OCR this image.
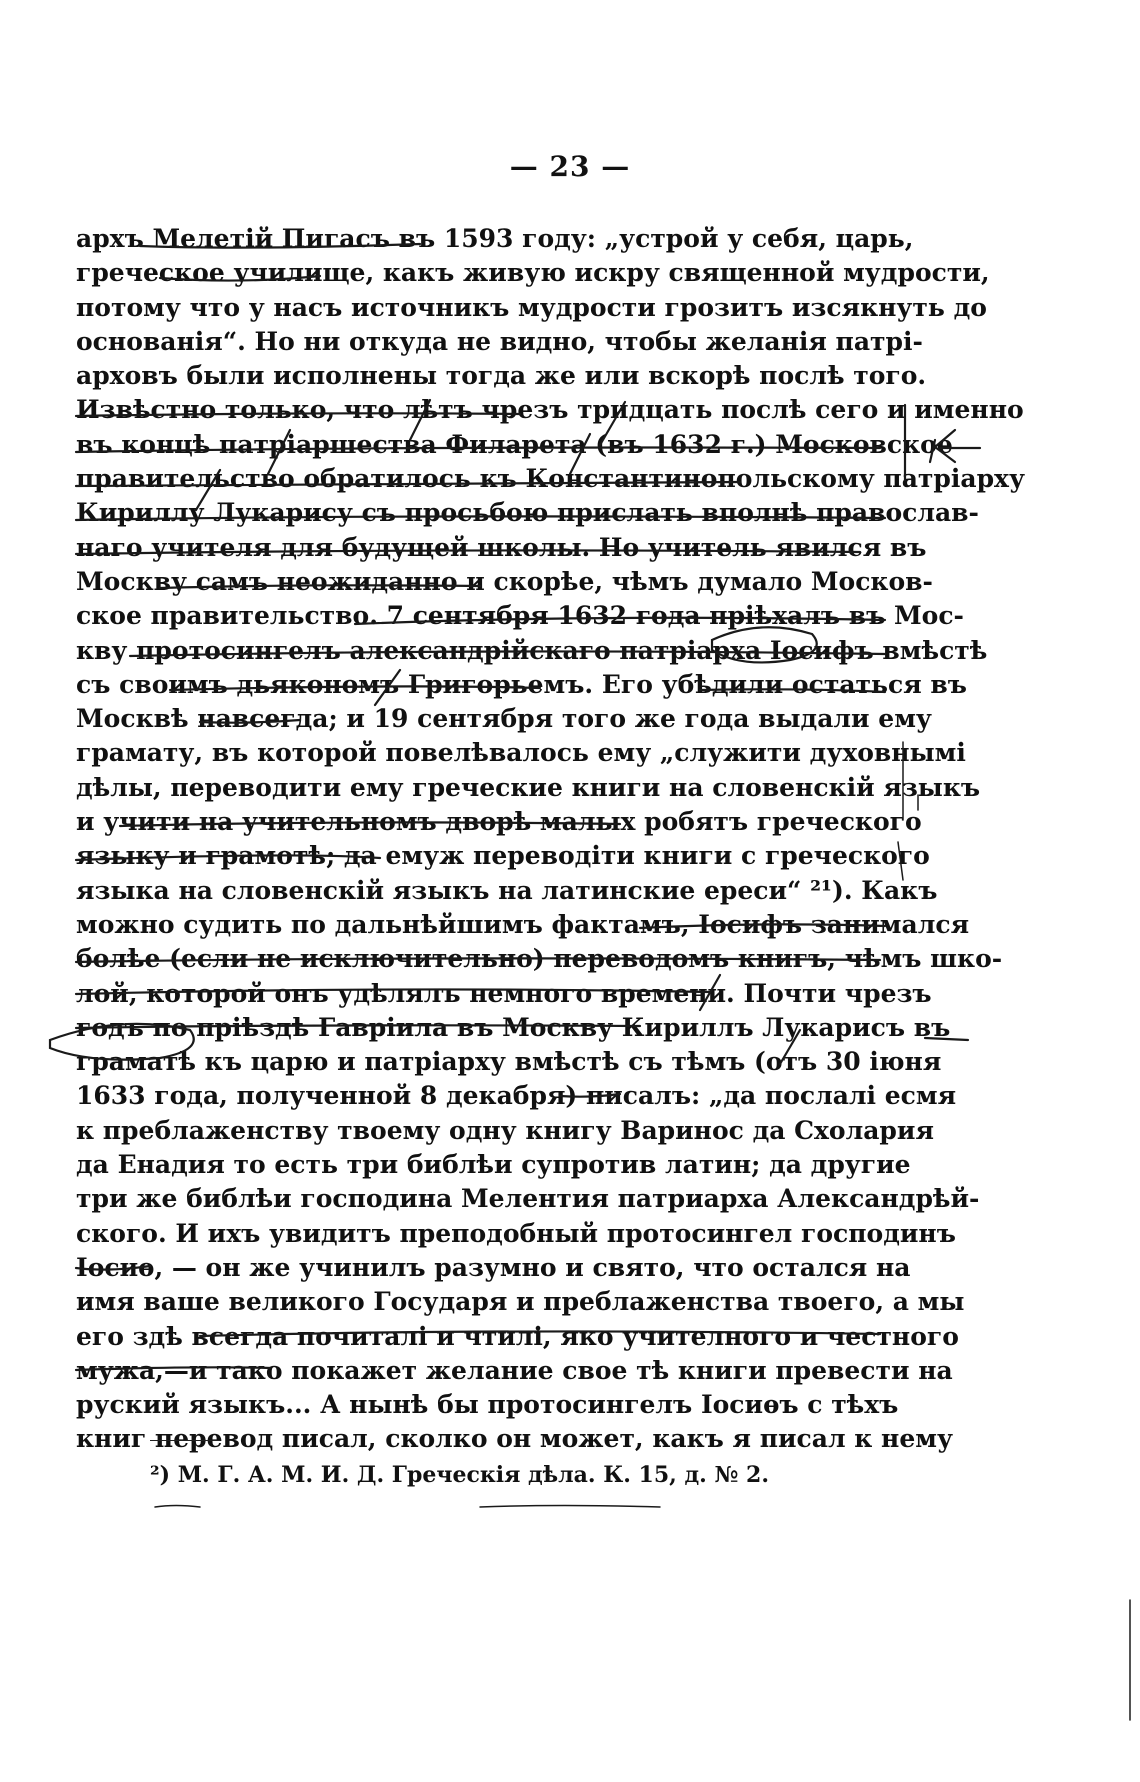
— 23 —
архъ Мелетій Пигасъ въ 1593 году: „устрой у себя, царь,
греческое училище, какъ живую искру священной мудрости,
потому что у насъ источникъ мудрости грозитъ изсякнуть до
основанія“. Но ни откуда не видно, чтобы желанія патрі-
арховъ были исполнены тогда же или вскорѣ послѣ того.
Извѣстно только, что лѣтъ чрезъ тридцать послѣ сего и именно
въ концѣ патріаршества Филарета (въ 1632 г.) Московское
правительство обратилось къ Константинопольскому патріарху
Кириллу Лукарису съ просьбою прислать вполнѣ православ-
наго учителя для будущей школы. Но учитель явился въ
Москву самъ неожиданно и скорѣе, чѣмъ думало Москов-
ское правительство. 7 сентября 1632 года пріѣхалъ въ Мос-
кву протосингелъ александрійскаго патріарха Іосифъ вмѣстѣ
съ своимъ дьякономъ Григорьемъ. Его убѣдили остаться въ
Москвѣ навсегда; и 19 сентября того же года выдали ему
грамату, въ которой повелѣвалось ему „служити духовнымі
дѣлы, переводити ему греческие книги на словенскій языкъ
и учити на учительномъ дворѣ малых робятъ греческого
языку и грамотѣ; да емуж переводіти книги с греческого
языка на словенскій языкъ на латинские ереси“ ²¹). Какъ
можно судить по дальнѣйшимъ фактамъ, Іосифъ занимался
болѣе (если не исключительно) переводомъ книгъ, чѣмъ шко-
лой, которой онъ удѣлялъ немного времени. Почти чрезъ
годъ по пріѣздѣ Гавріила въ Москву Кириллъ Лукарисъ въ
граматѣ къ царю и патріарху вмѣстѣ съ тѣмъ (отъ 30 іюня
1633 года, полученной 8 декабря) писалъ: „да послалі есмя
к преблаженству твоему одну книгу Варинос да Схолария
да Енадия то есть три библѣи супротив латин; да другие
три же библѣи господина Мелентия патриарха Александрѣй-
ского. И ихъ увидитъ преподобный протосингел господинъ
Іосиѳ, — он же учинилъ разумно и свято, что остался на
имя ваше великого Государя и преблаженства твоего, а мы
его здѣ всегда почиталі и чтилі, яко учителного и честного
мужа,—и тако покажет желание свое тѣ книги превести на
руский языкъ... А нынѣ бы протосингелъ Іосиѳъ с тѣхъ
книг перевод писал, сколко он может, какъ я писал к нему
²) М. Г. А. М. И. Д. Греческія дѣла. К. 15, д. № 2.
